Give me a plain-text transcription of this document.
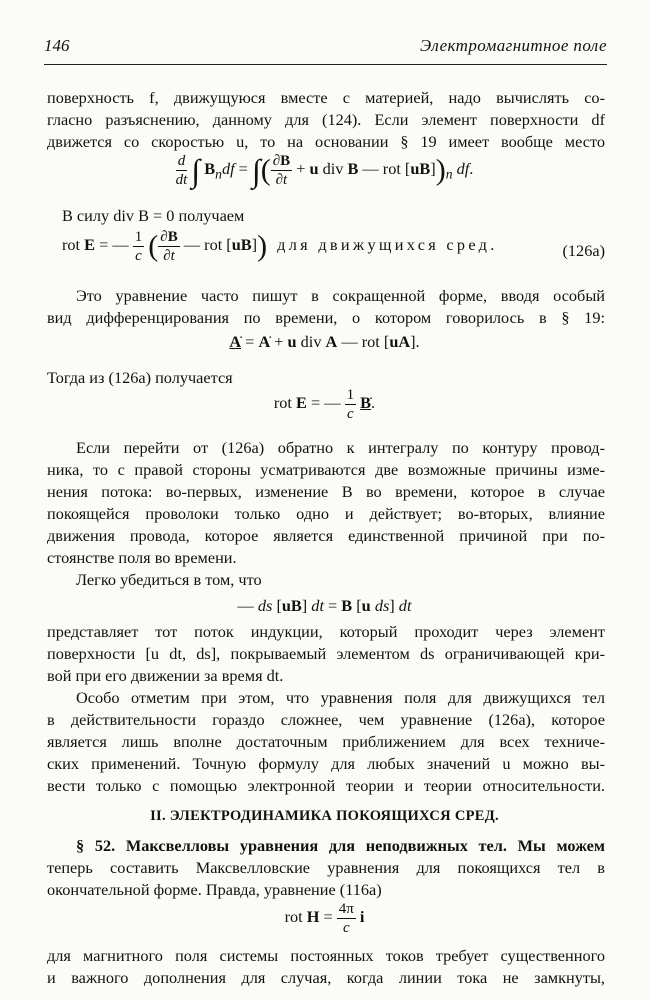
146	Электромагнитное поле
поверхность f, движущуюся вместе с материей, надо вычислять со-
гласно разъяснению, данному для (124). Если элемент поверхности df
движется со скоростью u, то на основании § 19 имеет вообще место
$\frac{d}{dt}$ ∫ $B_ndf$ = ∫( $\frac{\partial B}{\partial t} + u$ div B — rot $[uB])_n$ df.
В силу div B = 0 получаем
rot E = — $\frac{1}{c}$ ( $\frac{\partial B}{\partial t}$ — rot [uB]) для движущихся сред.	(126а)
Это уравнение часто пишут в сокращенной форме, вводя особый
вид дифференцирования по времени, о котором говорилось в § 19:
Ȧ = Ȧ + u div A — rot [uA].
Тогда из (126а) получается
rot E = — $\frac{1}{c}$ Ḃ.
Если перейти от (126а) обратно к интегралу по контуру провод-
ника, то с правой стороны усматриваются две возможные причины изме-
нения потока: во-первых, изменение B во времени, которое в случае
покоящейся проволоки только одно и действует; во-вторых, влияние
движения провода, которое является единственной причиной при по-
стоянстве поля во времени.
Легко убедиться в том, что
— ds [uB] dt = B [u ds] dt
представляет тот поток индукции, который проходит через элемент
поверхности [u dt, ds], покрываемый элементом ds ограничивающей кри-
вой при его движении за время dt.
Особо отметим при этом, что уравнения поля для движущихся тел
в действительности гораздо сложнее, чем уравнение (126а), которое
является лишь вполне достаточным приближением для всех техниче-
ских применений. Точную формулу для любых значений u можно вы-
вести только с помощью электронной теории и теории относительности.
II. ЭЛЕКТРОДИНАМИКА ПОКОЯЩИХСЯ СРЕД.
§ 52. Максвелловы уравнения для неподвижных тел. Мы можем
теперь составить Максвелловские уравнения для покоящихся тел в
окончательной форме. Правда, уравнение (116а)
rot $H = \frac{4\pi}{c}$ i
для магнитного поля системы постоянных токов требует существенного
и важного дополнения для случая, когда линии тока не замкнуты,
